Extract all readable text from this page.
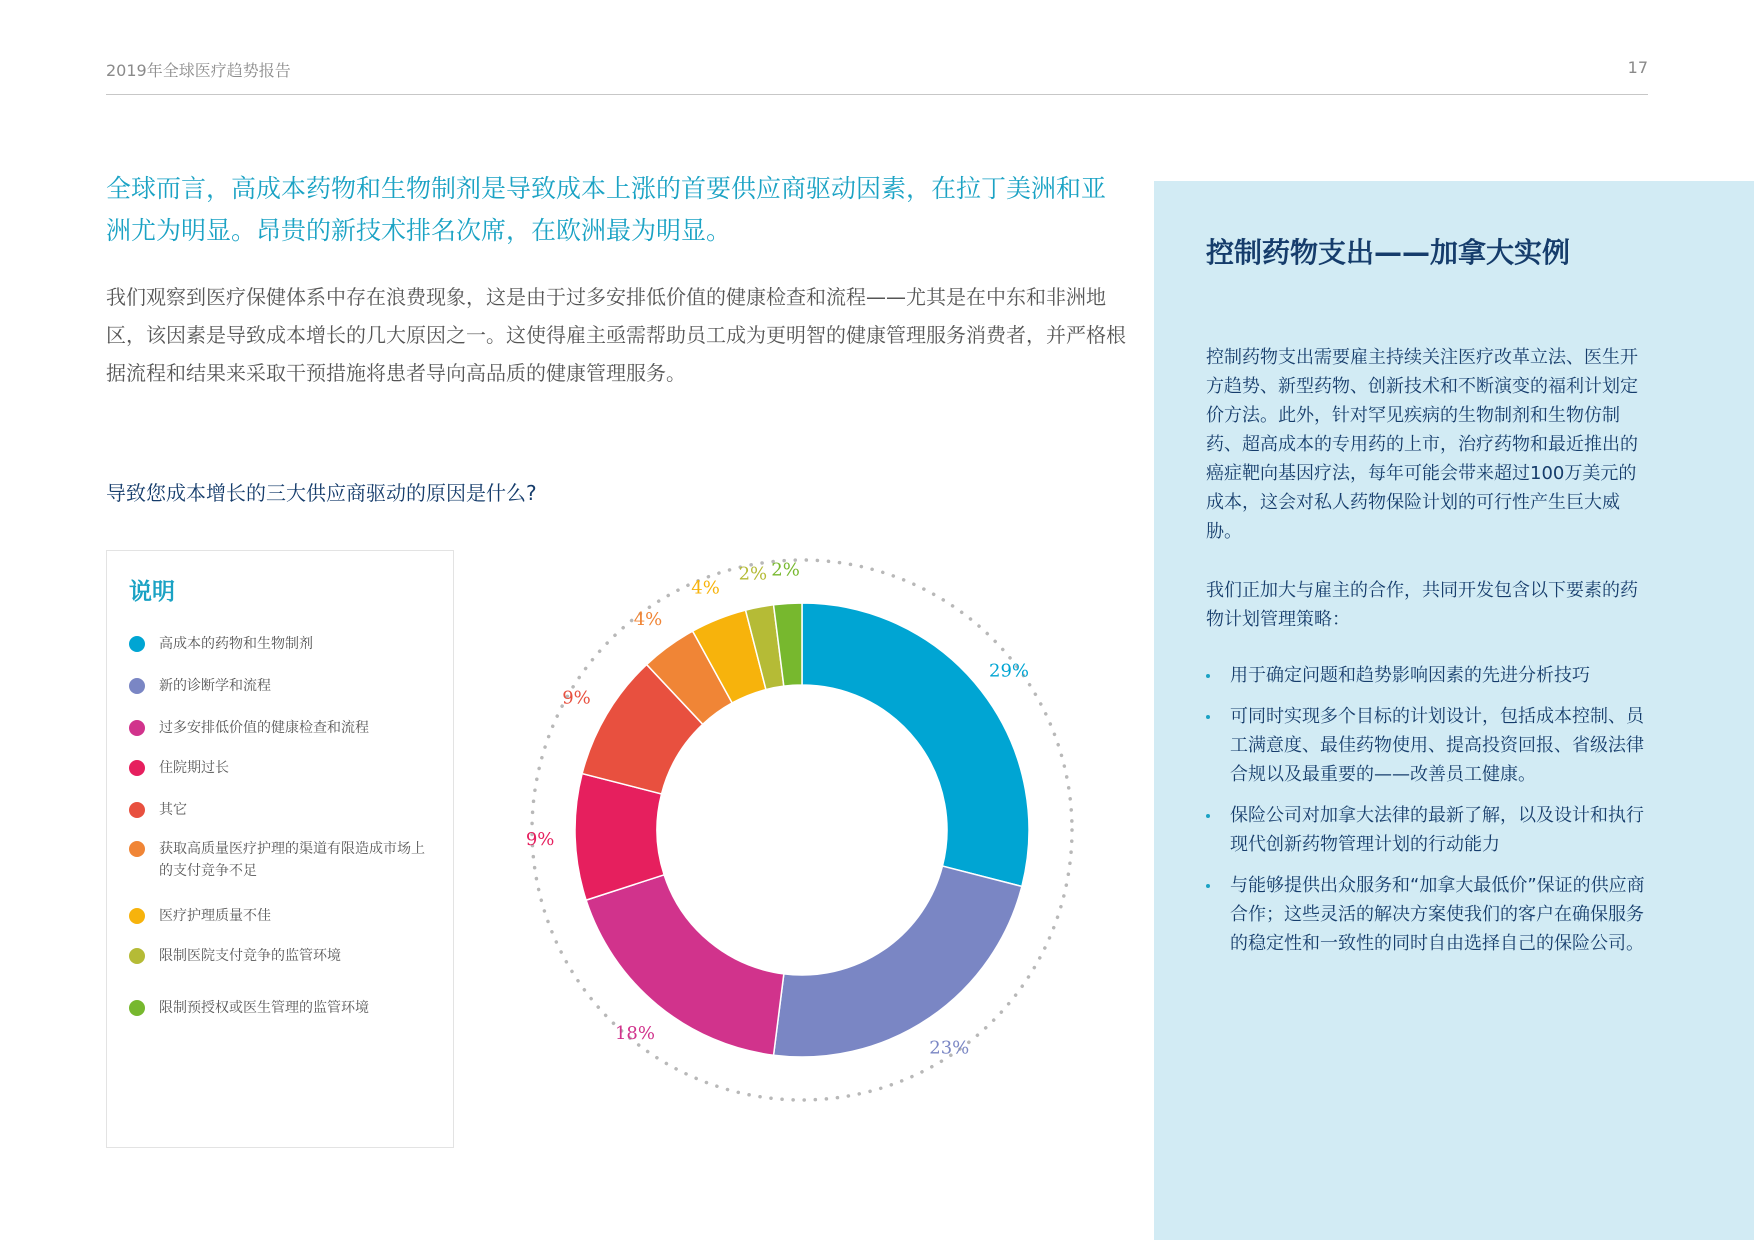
2019年全球医疗趋势报告	17
全球而言，高成本药物和生物制剂是导致成本上涨的首要供应商驱动因素，在拉丁美洲和亚洲尤为明显。昂贵的新技术排名次席，在欧洲最为明显。

我们观察到医疗保健体系中存在浪费现象，这是由于过多安排低价值的健康检查和流程——尤其是在中东和非洲地区，该因素是导致成本增长的几大原因之一。这使得雇主亟需帮助员工成为更明智的健康管理服务消费者，并严格根据流程和结果来采取干预措施将患者导向高品质的健康管理服务。

导致您成本增长的三大供应商驱动的原因是什么?
说明
高成本的药物和生物制剂
新的诊断学和流程
过多安排低价值的健康检查和流程
住院期过长
其它
获取高质量医疗护理的渠道有限造成市场上的支付竞争不足
医疗护理质量不佳
限制医院支付竞争的监管环境
限制预授权或医生管理的监管环境
29%
23%
18%
9%
9%
4%
4%
2% 2%
控制药物支出——加拿大实例

控制药物支出需要雇主持续关注医疗改革立法、医生开方趋势、新型药物、创新技术和不断演变的福利计划定价方法。此外，针对罕见疾病的生物制剂和生物仿制药、超高成本的专用药的上市，治疗药物和最近推出的癌症靶向基因疗法，每年可能会带来超过100万美元的成本，这会对私人药物保险计划的可行性产生巨大威胁。

我们正加大与雇主的合作，共同开发包含以下要素的药物计划管理策略：

用于确定问题和趋势影响因素的先进分析技巧
可同时实现多个目标的计划设计，包括成本控制、员工满意度、最佳药物使用、提高投资回报、省级法律合规以及最重要的——改善员工健康。
保险公司对加拿大法律的最新了解，以及设计和执行现代创新药物管理计划的行动能力
与能够提供出众服务和“加拿大最低价”保证的供应商合作；这些灵活的解决方案使我们的客户在确保服务的稳定性和一致性的同时自由选择自己的保险公司。
